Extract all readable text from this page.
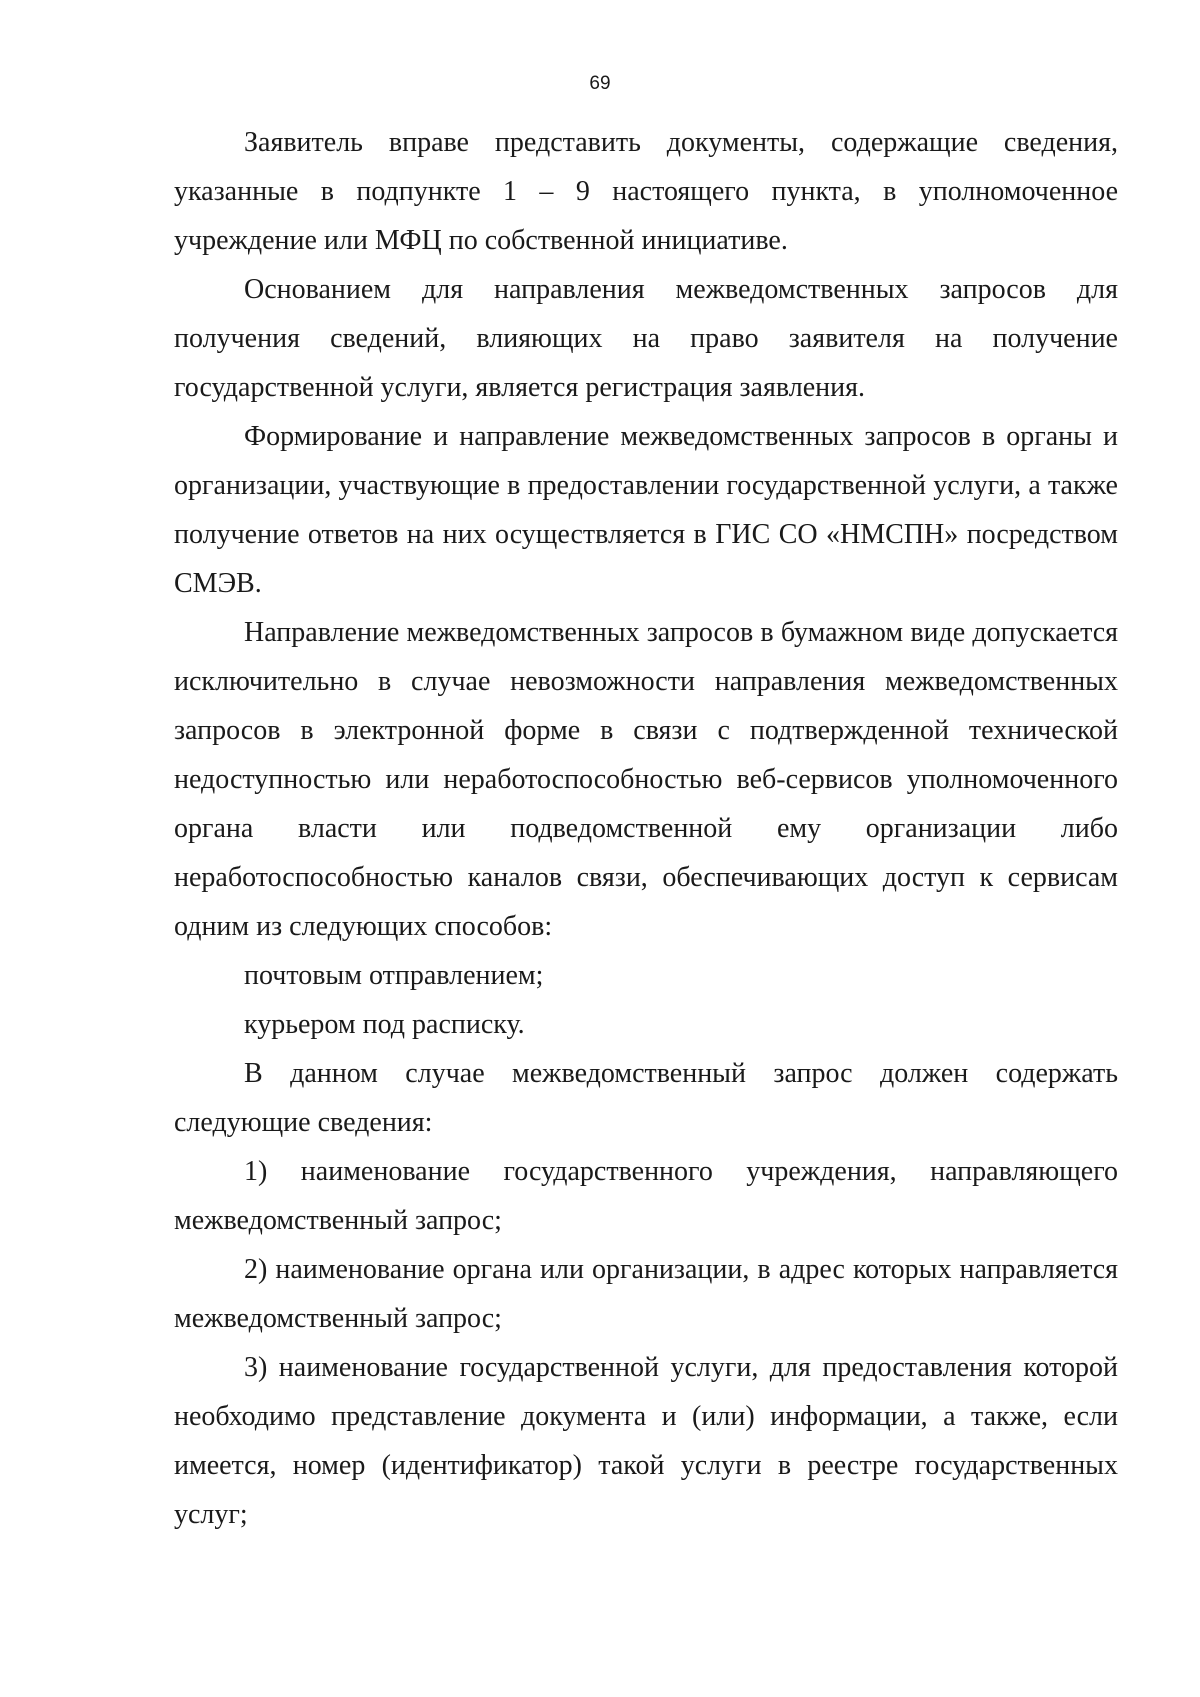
69

Заявитель вправе представить документы, содержащие сведения, указанные в подпункте 1 – 9 настоящего пункта, в уполномоченное учреждение или МФЦ по собственной инициативе.

Основанием для направления межведомственных запросов для получения сведений, влияющих на право заявителя на получение государственной услуги, является регистрация заявления.

Формирование и направление межведомственных запросов в органы и организации, участвующие в предоставлении государственной услуги, а также получение ответов на них осуществляется в ГИС СО «НМСПН» посредством СМЭВ.

Направление межведомственных запросов в бумажном виде допускается исключительно в случае невозможности направления межведомственных запросов в электронной форме в связи с подтвержденной технической недоступностью или неработоспособностью веб-сервисов уполномоченного органа власти или подведомственной ему организации либо неработоспособностью каналов связи, обеспечивающих доступ к сервисам одним из следующих способов:

почтовым отправлением;

курьером под расписку.

В данном случае межведомственный запрос должен содержать следующие сведения:

1) наименование государственного учреждения, направляющего межведомственный запрос;

2) наименование органа или организации, в адрес которых направляется межведомственный запрос;

3) наименование государственной услуги, для предоставления которой необходимо представление документа и (или) информации, а также, если имеется, номер (идентификатор) такой услуги в реестре государственных услуг;
